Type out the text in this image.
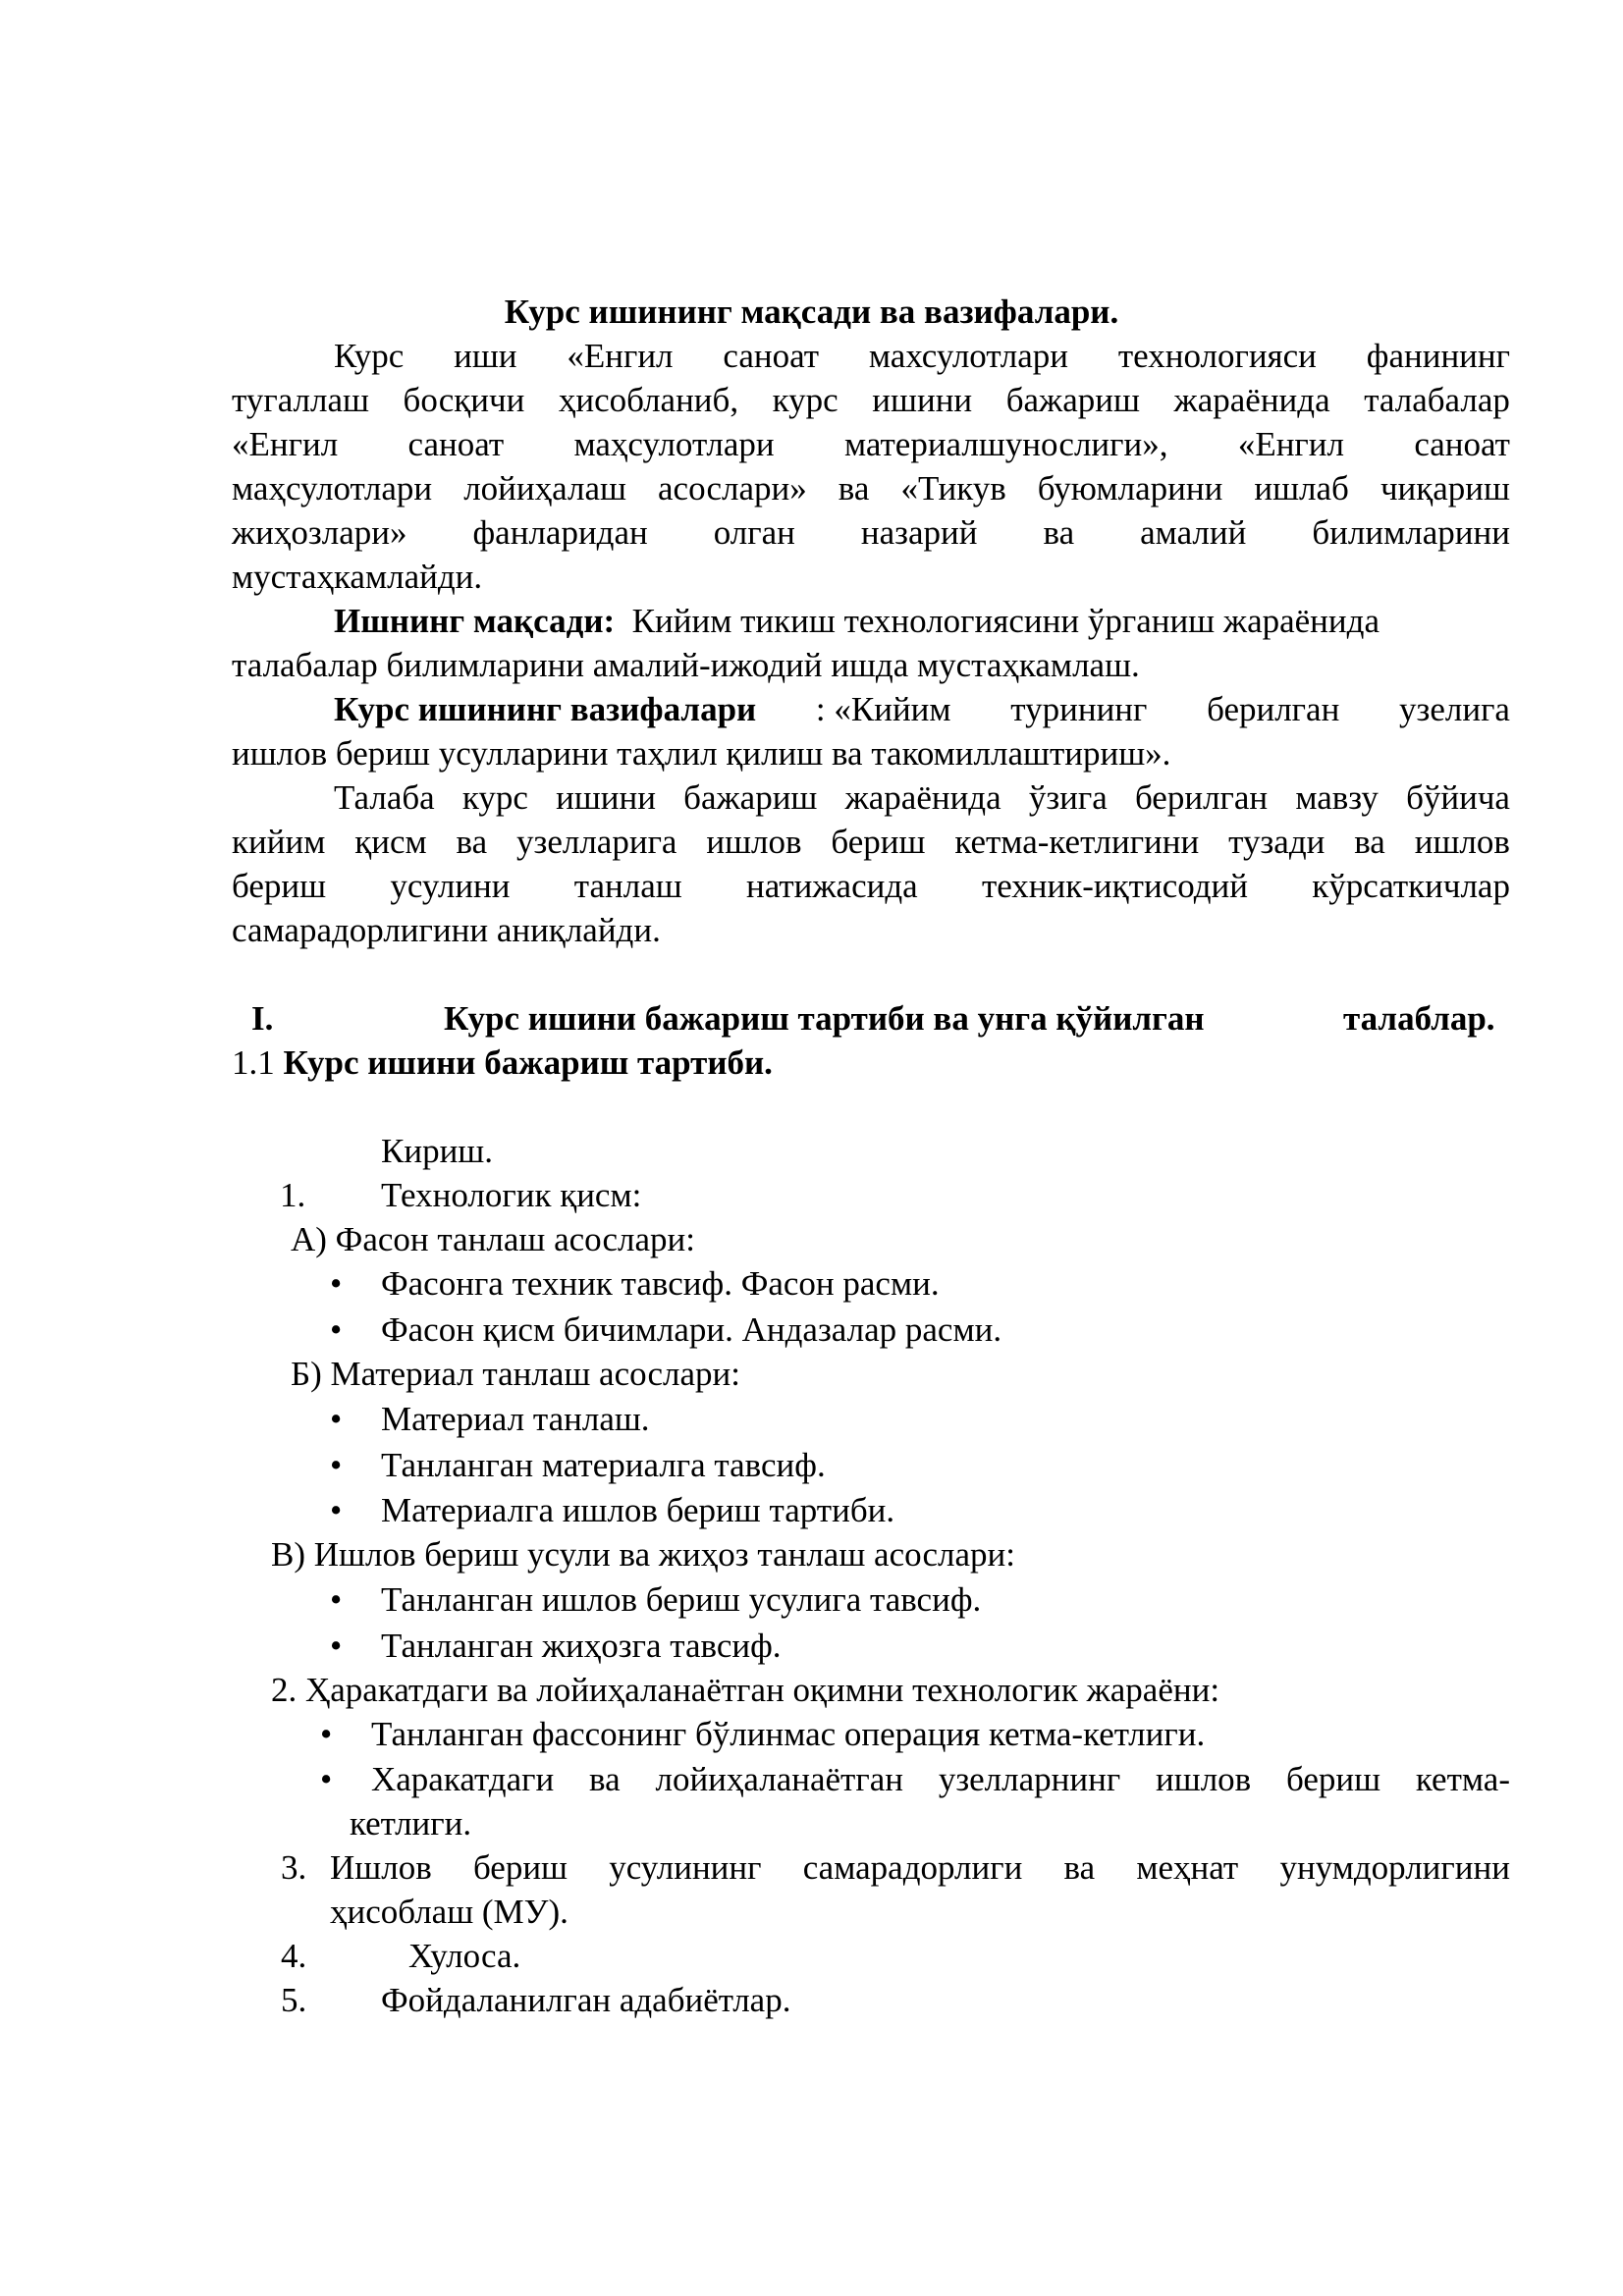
Курс ишининг мақсади ва вазифалари.
Курс иши «Енгил саноат махсулотлари технологияси фанининг
тугаллаш босқичи ҳисобланиб, курс ишини бажариш жараёнида талабалар
«Енгил саноат маҳсулотлари материалшунослиги», «Енгил саноат
маҳсулотлари лойиҳалаш асослари» ва «Тикув буюмларини ишлаб чиқариш
жиҳозлари» фанларидан олган назарий ва амалий билимларини
мустаҳкамлайди.
Ишнинг мақсади: Кийим тикиш технологиясини ўрганиш жараёнида
талабалар билимларини амалий-ижодий ишда мустаҳкамлаш.
Курс ишининг вазифалари : «Кийим турининг берилган узелига
ишлов бериш усулларини таҳлил қилиш ва такомиллаштириш».
Талаба курс ишини бажариш жараёнида ўзига берилган мавзу бўйича
кийим қисм ва узелларига ишлов бериш кетма-кетлигини тузади ва ишлов
бериш усулини танлаш натижасида техник-иқтисодий кўрсаткичлар
самарадорлигини аниқлайди.
I.	Курс ишини бажариш тартиби ва унга қўйилган	талаблар.
1.1 Курс ишини бажариш тартиби.
Кириш.
1. Технологик қисм:
А) Фасон танлаш асослари:
• Фасонга техник тавсиф. Фасон расми.
• Фасон қисм бичимлари. Андазалар расми.
Б) Материал танлаш асослари:
• Материал танлаш.
• Танланган материалга тавсиф.
• Материалга ишлов бериш тартиби.
В) Ишлов бериш усули ва жиҳоз танлаш асослари:
• Танланган ишлов бериш усулига тавсиф.
• Танланган жиҳозга тавсиф.
2. Ҳаракатдаги ва лойиҳаланаётган оқимни технологик жараёни:
• Танланган фассонинг бўлинмас операция кетма-кетлиги.
• Харакатдаги ва лойиҳаланаётган узелларнинг ишлов бериш кетма-
кетлиги.
3. Ишлов бериш усулининг самарадорлиги ва меҳнат унумдорлигини
ҳисоблаш (МУ).
4.	Хулоса.
5. Фойдаланилган адабиётлар.
